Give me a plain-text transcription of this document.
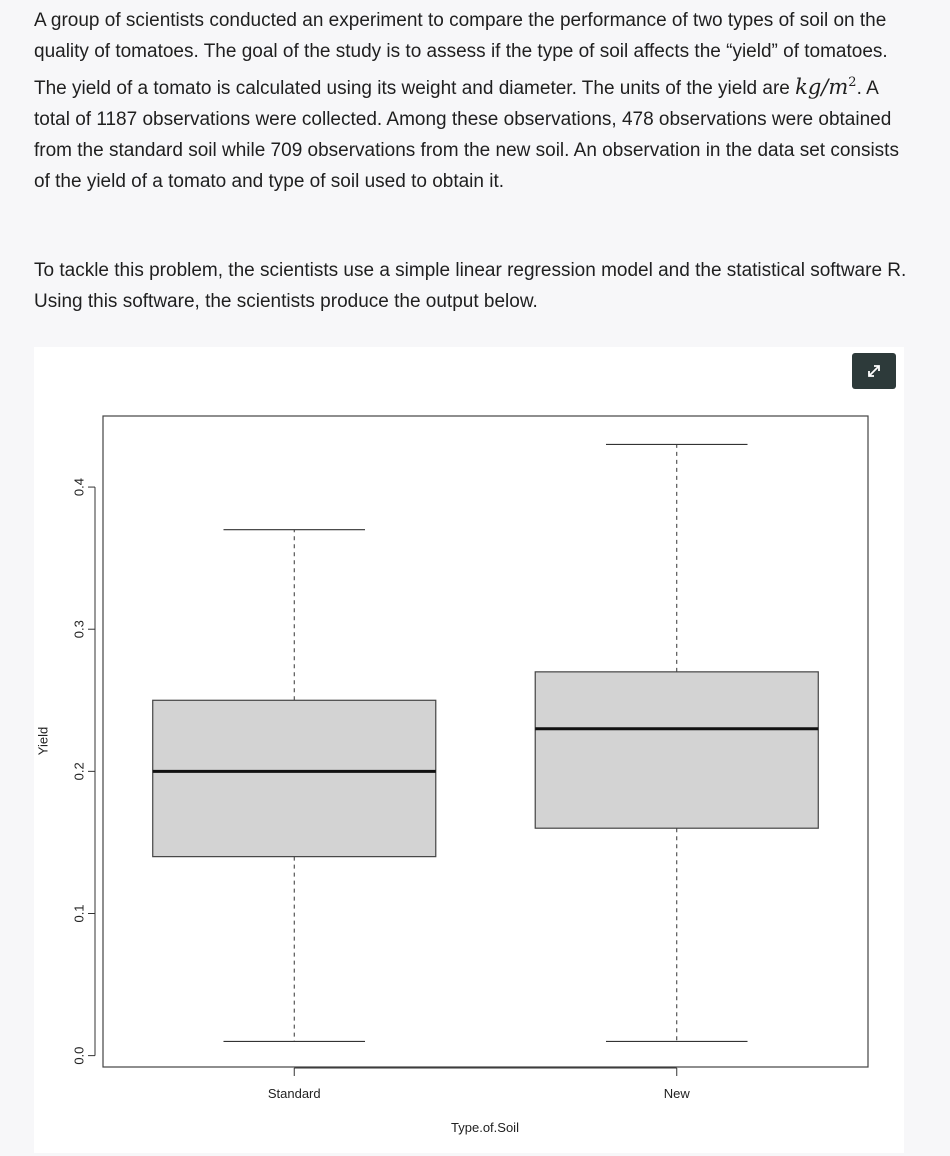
A group of scientists conducted an experiment to compare the performance of two types of soil on the quality of tomatoes. The goal of the study is to assess if the type of soil affects the “yield” of tomatoes. The yield of a tomato is calculated using its weight and diameter. The units of the yield are $kg/m^2$. A total of 1187 observations were collected. Among these observations, 478 observations were obtained from the standard soil while 709 observations from the new soil. An observation in the data set consists of the yield of a tomato and type of soil used to obtain it.
To tackle this problem, the scientists use a simple linear regression model and the statistical software R. Using this software, the scientists produce the output below.
0.0
0.1
0.2
0.3
0.4
Yield
Standard	New
Type.of.Soil
